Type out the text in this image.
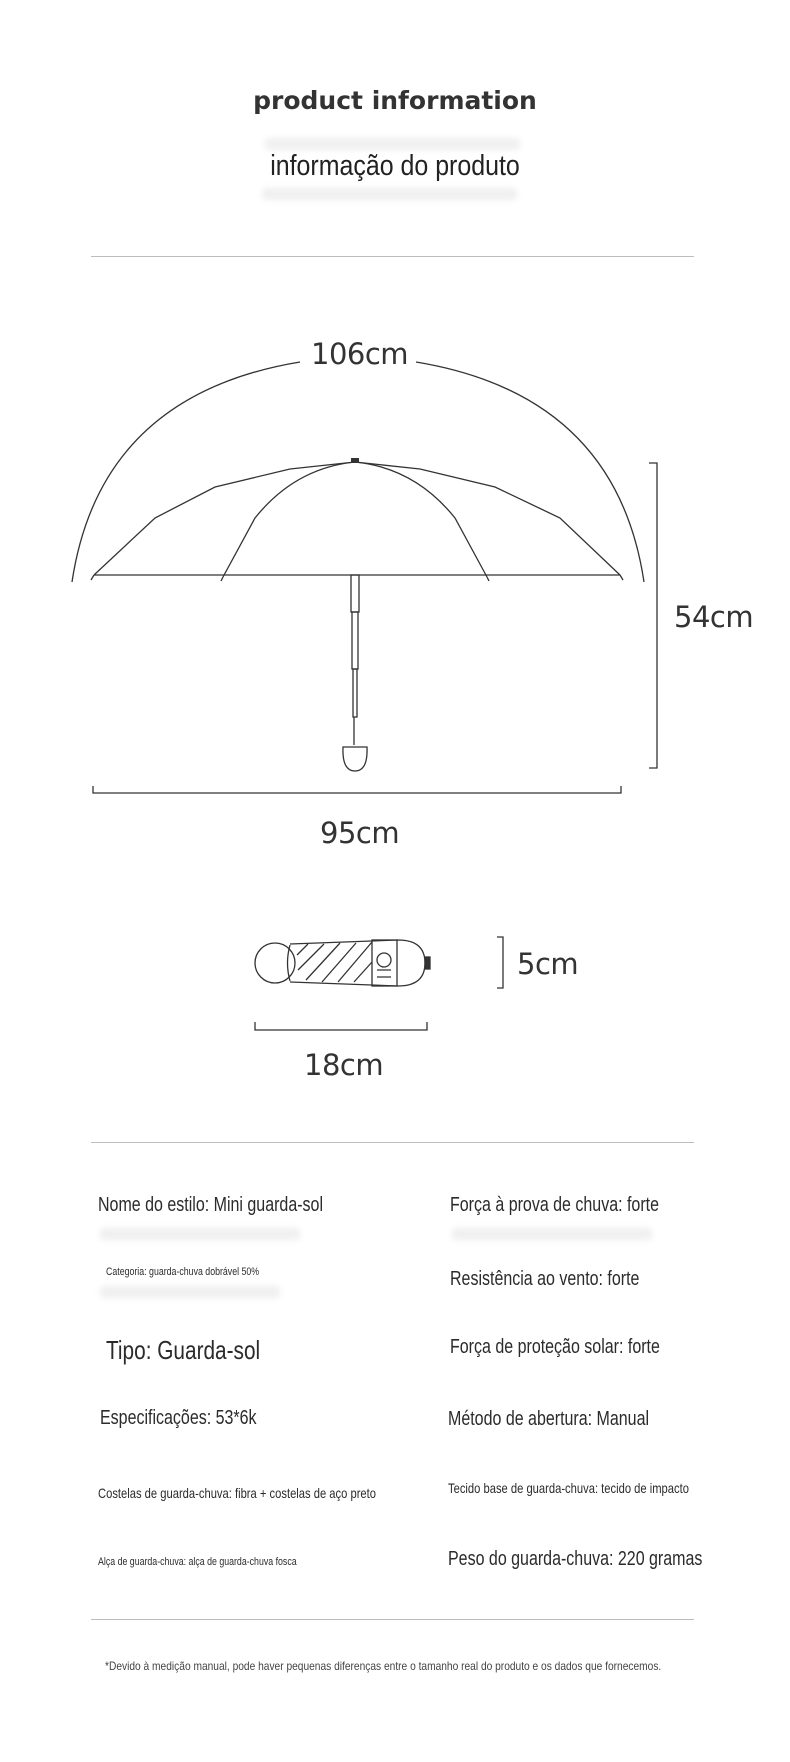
product information
informação do produto
106cm
54cm
95cm
5cm
18cm
Nome do estilo: Mini guarda-sol
Categoria: guarda-chuva dobrável 50%
Tipo: Guarda-sol
Especificações: 53*6k
Costelas de guarda-chuva: fibra + costelas de aço preto
Alça de guarda-chuva: alça de guarda-chuva fosca
Força à prova de chuva: forte
Resistência ao vento: forte
Força de proteção solar: forte
Método de abertura: Manual
Tecido base de guarda-chuva: tecido de impacto
Peso do guarda-chuva: 220 gramas
*Devido à medição manual, pode haver pequenas diferenças entre o tamanho real do produto e os dados que fornecemos.
